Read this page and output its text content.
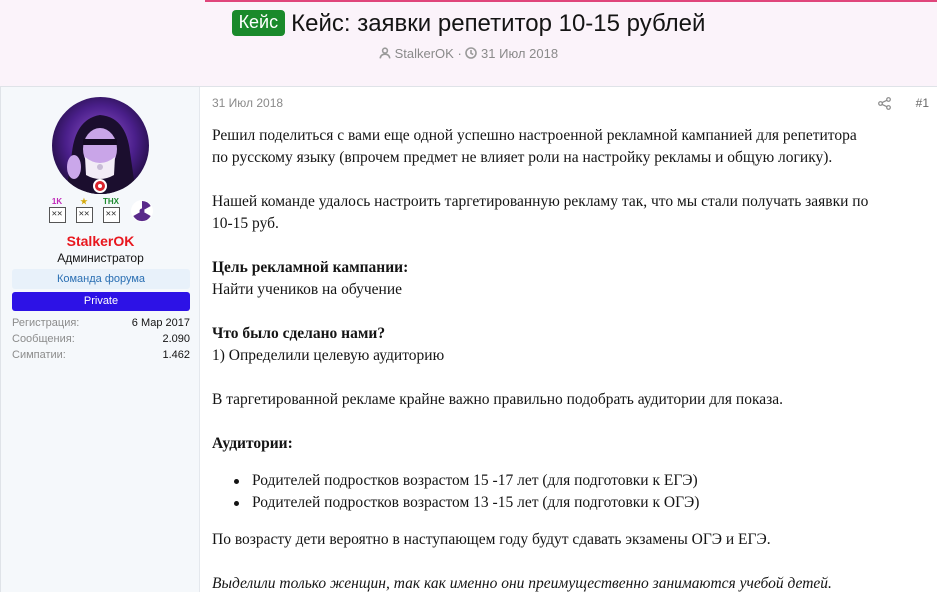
Кейс Кейс: заявки репетитор 10-15 рублей
StalkerOK · 31 Июл 2018
1K
✕✕
★
✕✕
THX
✕✕
StalkerOK
Администратор
Команда форума
Private
Регистрация:	6 Мар 2017
Сообщения:	2.090
Симпатии:	1.462
31 Июл 2018	#1
Решил поделиться с вами еще одной успешно настроенной рекламной кампанией для репетитора
по русскому языку (впрочем предмет не влияет роли на настройку рекламы и общую логику).
Нашей команде удалось настроить таргетированную рекламу так, что мы стали получать заявки по
10-15 руб.
Цель рекламной кампании:
Найти учеников на обучение
Что было сделано нами?
1) Определили целевую аудиторию
В таргетированной рекламе крайне важно правильно подобрать аудитории для показа.
Аудитории:
Родителей подростков возрастом 15 -17 лет (для подготовки к ЕГЭ)
Родителей подростков возрастом 13 -15 лет (для подготовки к ОГЭ)
По возрасту дети вероятно в наступающем году будут сдавать экзамены ОГЭ и ЕГЭ.
Выделили только женщин, так как именно они преимущественно занимаются учебой детей.
